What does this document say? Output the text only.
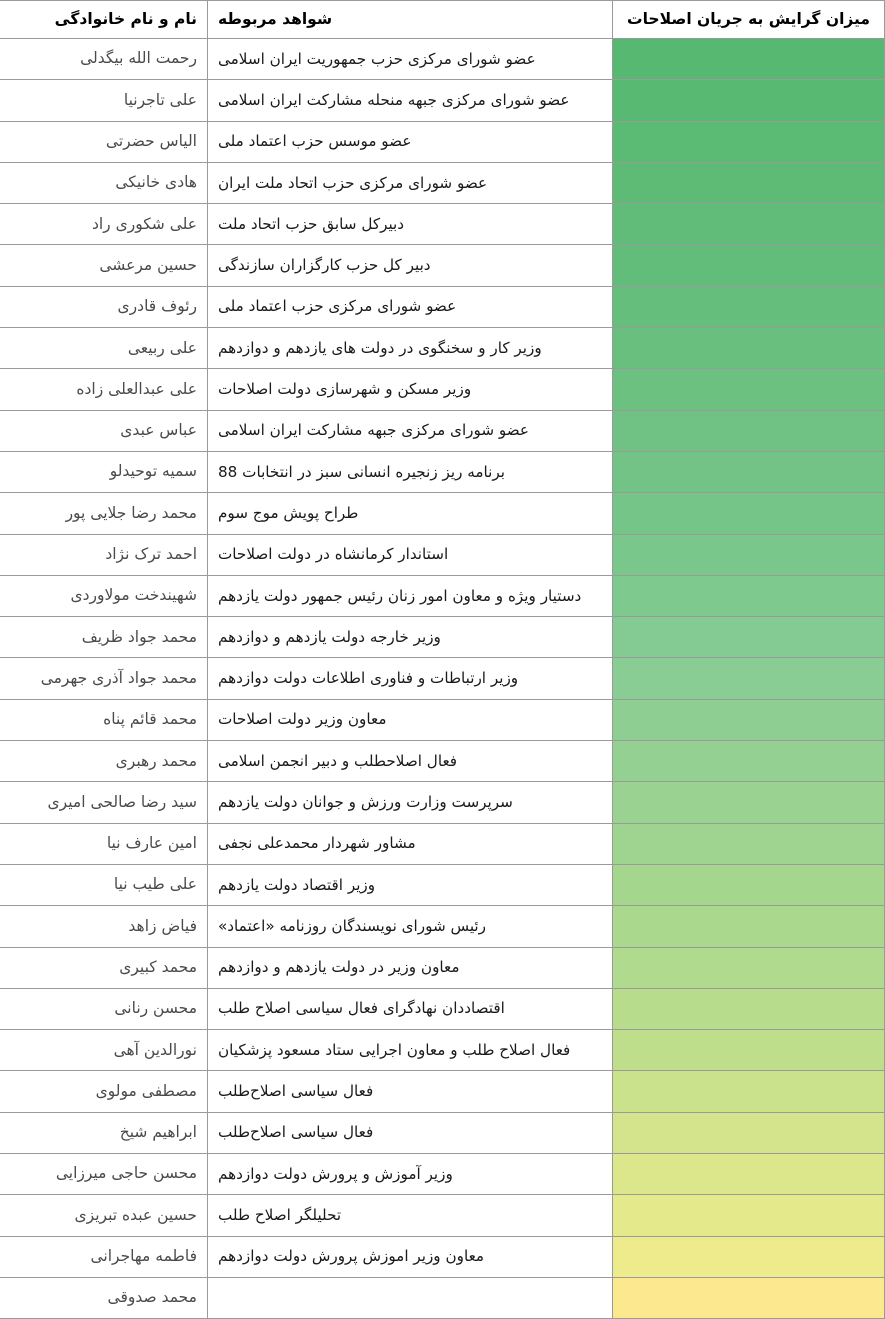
میزان گرایش به جریان اصلاحات	شواهد مربوطه	نام و نام خانوادگی
	عضو شورای مرکزی حزب جمهوریت ایران اسلامی	رحمت الله بیگدلی
	عضو شورای مرکزی جبهه منحله مشارکت ایران اسلامی	علی تاجرنیا
	عضو موسس حزب اعتماد ملی	الیاس حضرتی
	عضو شورای مرکزی حزب اتحاد ملت ایران	هادی خانیکی
	دبیرکل سابق حزب اتحاد ملت	علی شکوری راد
	دبیر کل حزب کارگزاران سازندگی	حسین مرعشی
	عضو شورای مرکزی حزب اعتماد ملی	رئوف قادری
	وزیر کار و سخنگوی در دولت های یازدهم و دوازدهم	علی ربیعی
	وزیر مسکن و شهرسازی دولت اصلاحات	علی عبدالعلی زاده
	عضو شورای مرکزی جبهه مشارکت ایران اسلامی	عباس عبدی
	برنامه ریز زنجیره انسانی سبز در انتخابات 88	سمیه توحیدلو
	طراح پویش موج سوم	محمد رضا جلایی پور
	استاندار کرمانشاه در دولت اصلاحات	احمد ترک نژاد
	دستیار ویژه و معاون امور زنان رئیس جمهور دولت یازدهم	شهیندخت مولاوردی
	وزیر خارجه دولت یازدهم و دوازدهم	محمد جواد ظریف
	وزیر ارتباطات و فناوری اطلاعات دولت دوازدهم	محمد جواد آذری جهرمی
	معاون وزیر دولت اصلاحات	محمد قائم پناه
	فعال اصلاحطلب و دبیر انجمن اسلامی	محمد رهبری
	سرپرست وزارت ورزش و جوانان دولت یازدهم	سید رضا صالحی امیری
	مشاور شهردار محمدعلی نجفی	امین عارف نیا
	وزیر اقتصاد دولت یازدهم	علی طیب نیا
	رئیس شورای نویسندگان روزنامه «اعتماد»	فیاض زاهد
	معاون وزیر در دولت یازدهم و دوازدهم	محمد کبیری
	اقتصاددان نهادگرای فعال سیاسی اصلاح طلب	محسن رنانی
	فعال اصلاح طلب و معاون اجرایی ستاد مسعود پزشکیان	نورالدین آهی
	فعال سیاسی اصلاح‌طلب	مصطفی مولوی
	فعال سیاسی اصلاح‌طلب	ابراهیم شیخ
	وزیر آموزش و پرورش دولت دوازدهم	محسن حاجی میرزایی
	تحلیلگر اصلاح طلب	حسین عبده تبریزی
	معاون وزیر اموزش پرورش دولت دوازدهم	فاطمه مهاجرانی
		محمد صدوقی
